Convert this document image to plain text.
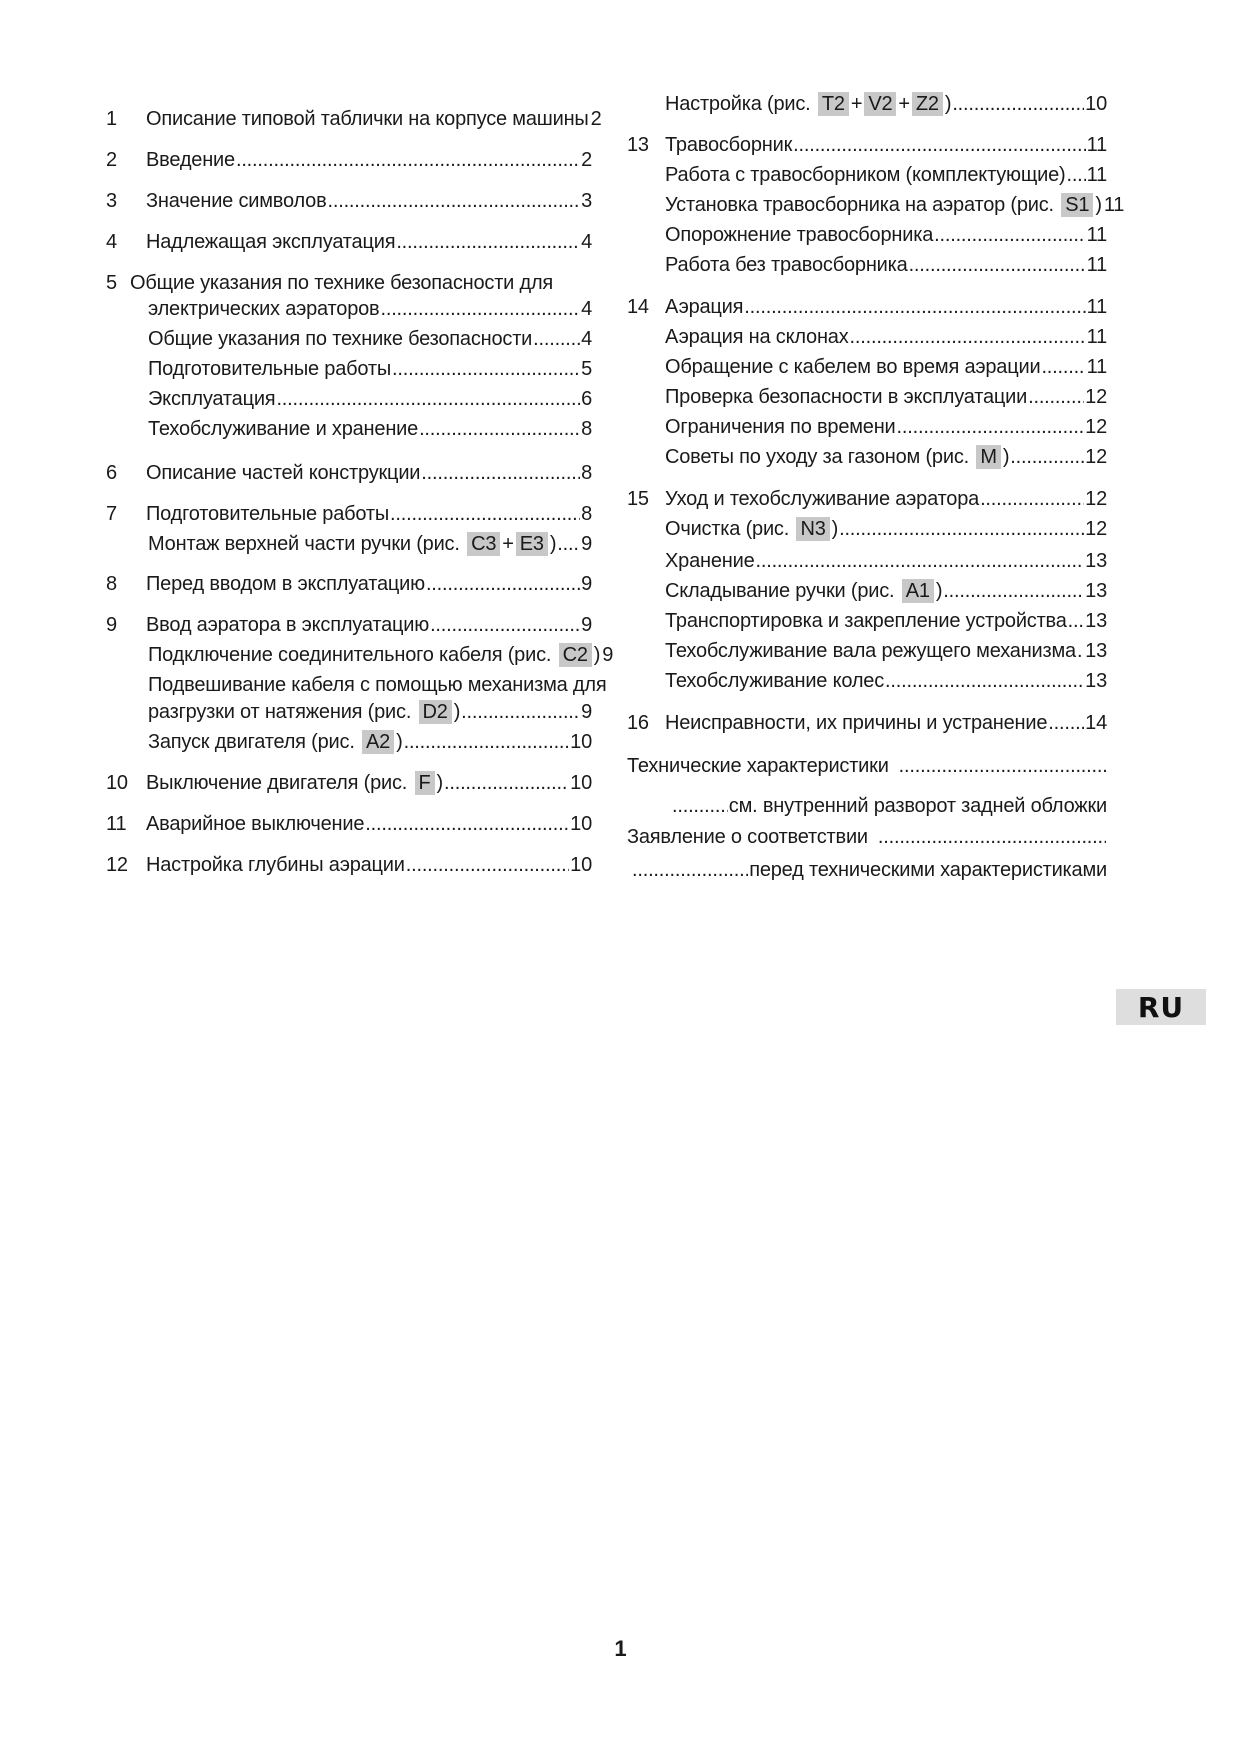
1	Описание типовой таблички на корпусе машины 2
2	Введение .....	2
3	Значение символов .....	3
4	Надлежащая эксплуатация .....	4
5 Общие указания по технике безопасности для
электрических аэраторов .....	4
Общие указания по технике безопасности ..... 4
Подготовительные работы .....	5
Эксплуатация .....	6
Техобслуживание и хранение .....	8
6	Описание частей конструкции .....	8
7	Подготовительные работы .....	8
Монтаж верхней части ручки (рис. C3 + E3 ) ..... 9
8	Перед вводом в эксплуатацию .....	9
9	Ввод аэратора в эксплуатацию .....	9
Подключение соединительного кабеля (рис. C2 ) 9
Подвешивание кабеля с помощью механизма для
разгрузки от натяжения (рис. D2 ) .....	9
Запуск двигателя (рис. A2 ) .....	10
10 Выключение двигателя (рис. F ) .....	10
11 Аварийное выключение .....	10
12 Настройка глубины аэрации .....	10
Настройка (рис. T2 + V2 + Z2 ) .....	10
13 Травосборник .....	11
Работа с травосборником (комплектующие) ..... 11
Установка травосборника на аэратор (рис. S1 ) 11
Опорожнение травосборника .....	11
Работа без травосборника .....	11
14 Аэрация .....	11
Аэрация на склонах .....	11
Обращение с кабелем во время аэрации ..... 11
Проверка безопасности в эксплуатации .....	12
Ограничения по времени .....	12
Советы по уходу за газоном (рис. M ) .....	12
15 Уход и техобслуживание аэратора .....	12
Очистка (рис. N3 ) .....	12
Хранение .....	13
Складывание ручки (рис. A1 ) .....	13
Транспортировка и закрепление устройства ..... 13
Техобслуживание вала режущего механизма ..... 13
Техобслуживание колес .....	13
16 Неисправности, их причины и устранение ..... 14
Технические характеристики
.....
.....
см. внутренний разворот задней обложки
Заявление о соответствии
.....
.....
перед техническими характеристиками
RU
1
